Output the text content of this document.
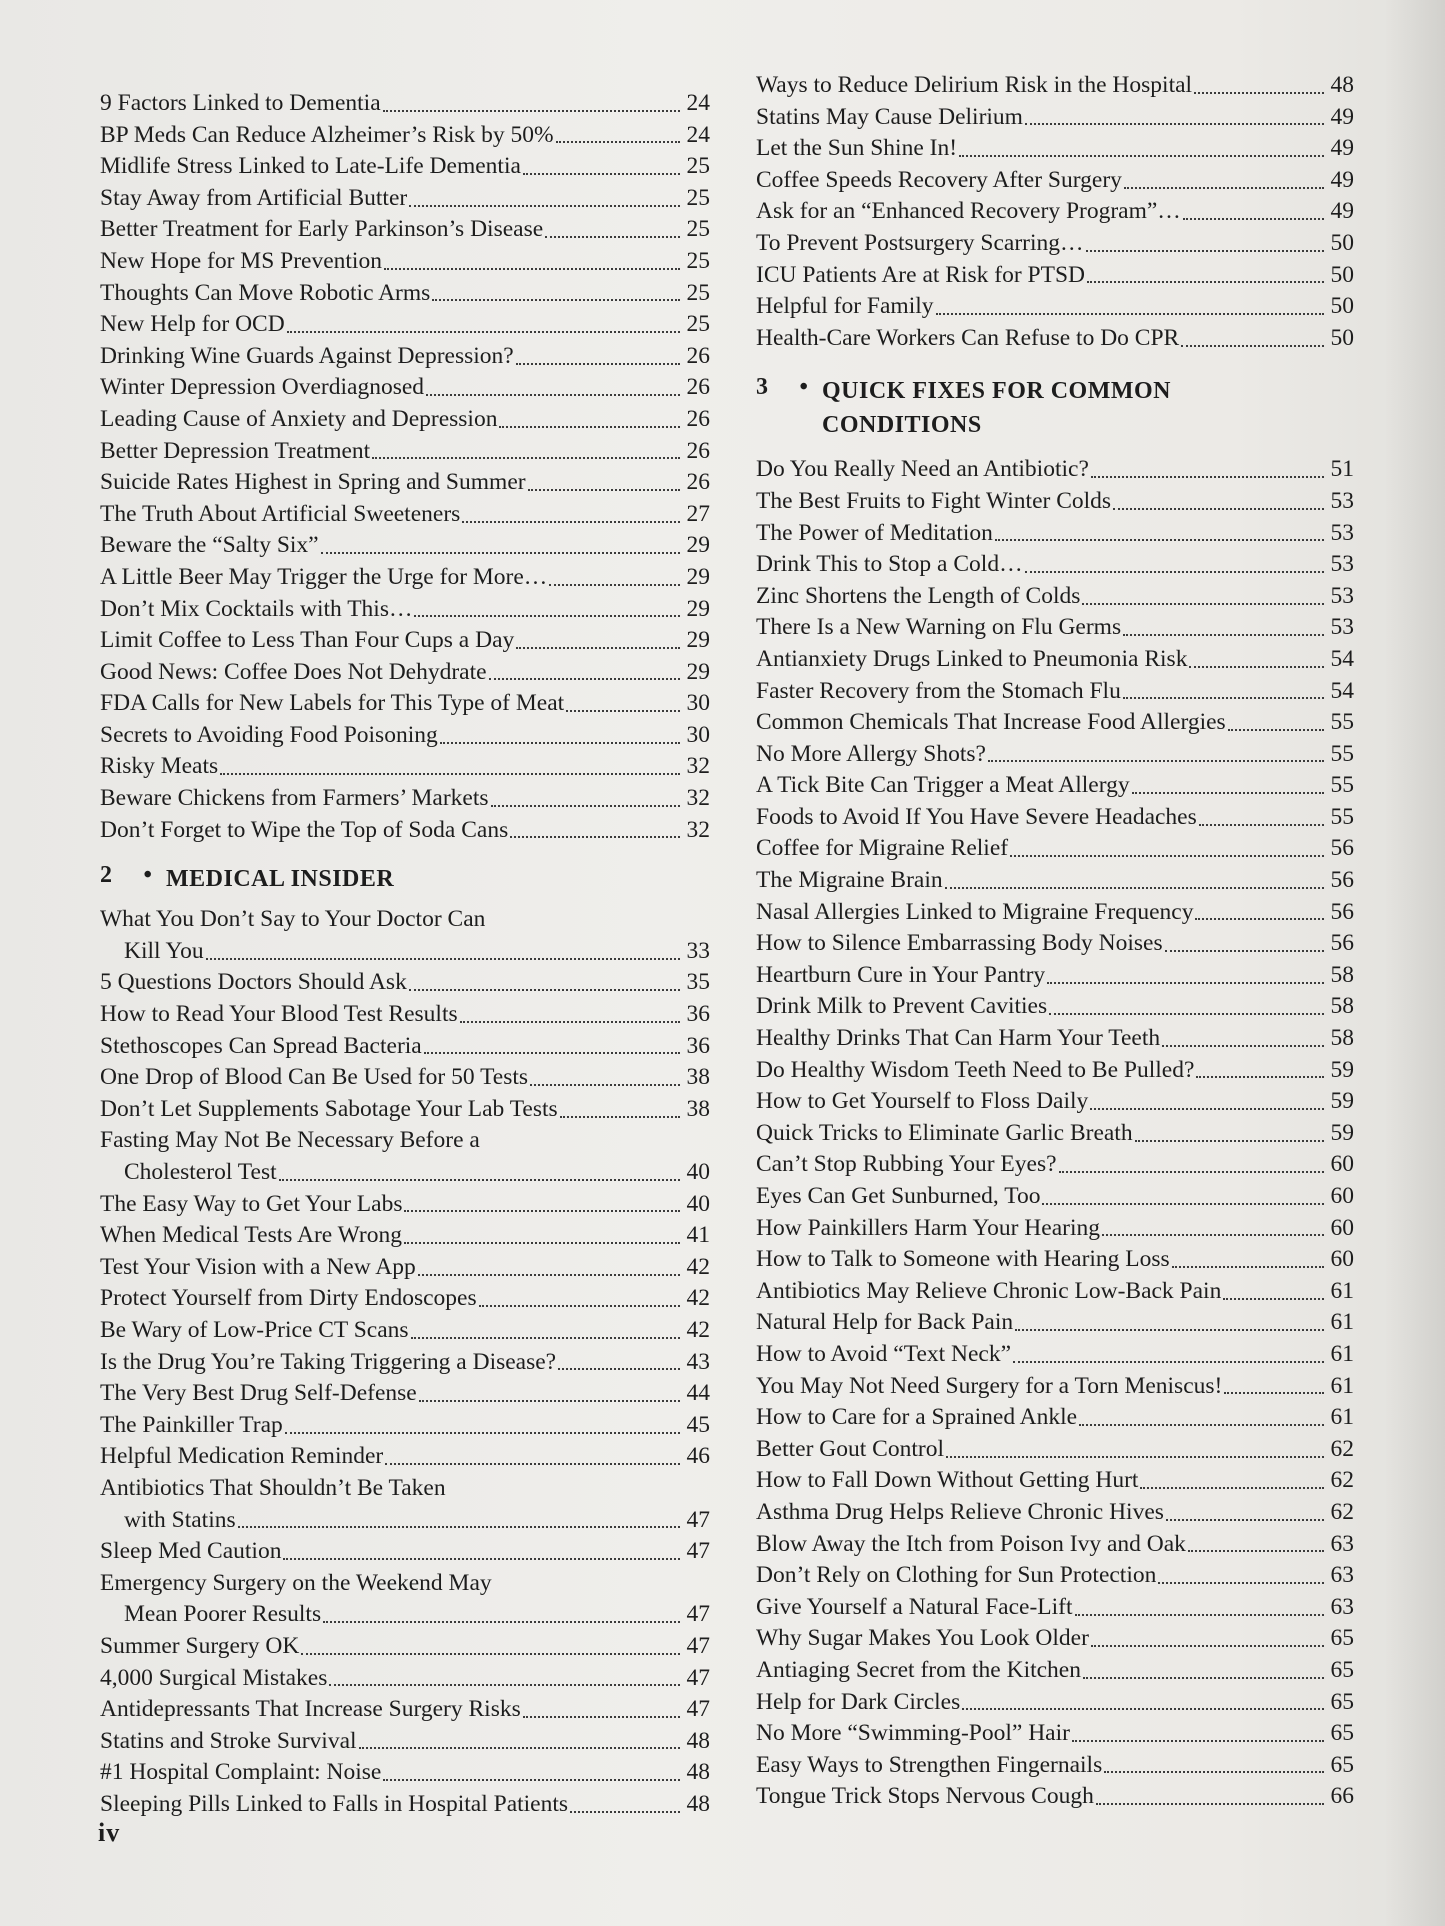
9 Factors Linked to Dementia	24
BP Meds Can Reduce Alzheimer’s Risk by 50%	24
Midlife Stress Linked to Late-Life Dementia	25
Stay Away from Artificial Butter	25
Better Treatment for Early Parkinson’s Disease	25
New Hope for MS Prevention	25
Thoughts Can Move Robotic Arms	25
New Help for OCD	25
Drinking Wine Guards Against Depression?	26
Winter Depression Overdiagnosed	26
Leading Cause of Anxiety and Depression	26
Better Depression Treatment	26
Suicide Rates Highest in Spring and Summer	26
The Truth About Artificial Sweeteners	27
Beware the “Salty Six”	29
A Little Beer May Trigger the Urge for More…	29
Don’t Mix Cocktails with This…	29
Limit Coffee to Less Than Four Cups a Day	29
Good News: Coffee Does Not Dehydrate	29
FDA Calls for New Labels for This Type of Meat	30
Secrets to Avoiding Food Poisoning	30
Risky Meats	32
Beware Chickens from Farmers’ Markets	32
Don’t Forget to Wipe the Top of Soda Cans	32
2	• MEDICAL INSIDER
What You Don’t Say to Your Doctor Can
Kill You	33
5 Questions Doctors Should Ask	35
How to Read Your Blood Test Results	36
Stethoscopes Can Spread Bacteria	36
One Drop of Blood Can Be Used for 50 Tests	38
Don’t Let Supplements Sabotage Your Lab Tests	38
Fasting May Not Be Necessary Before a
Cholesterol Test	40
The Easy Way to Get Your Labs	40
When Medical Tests Are Wrong	41
Test Your Vision with a New App	42
Protect Yourself from Dirty Endoscopes	42
Be Wary of Low-Price CT Scans	42
Is the Drug You’re Taking Triggering a Disease?	43
The Very Best Drug Self-Defense	44
The Painkiller Trap	45
Helpful Medication Reminder	46
Antibiotics That Shouldn’t Be Taken
with Statins	47
Sleep Med Caution	47
Emergency Surgery on the Weekend May
Mean Poorer Results	47
Summer Surgery OK	47
4,000 Surgical Mistakes	47
Antidepressants That Increase Surgery Risks	47
Statins and Stroke Survival	48
#1 Hospital Complaint: Noise	48
Sleeping Pills Linked to Falls in Hospital Patients	48
Ways to Reduce Delirium Risk in the Hospital	48
Statins May Cause Delirium	49
Let the Sun Shine In!	49
Coffee Speeds Recovery After Surgery	49
Ask for an “Enhanced Recovery Program”…	49
To Prevent Postsurgery Scarring…	50
ICU Patients Are at Risk for PTSD	50
Helpful for Family	50
Health-Care Workers Can Refuse to Do CPR	50
3	• QUICK FIXES FOR COMMON
CONDITIONS
Do You Really Need an Antibiotic?	51
The Best Fruits to Fight Winter Colds	53
The Power of Meditation	53
Drink This to Stop a Cold…	53
Zinc Shortens the Length of Colds	53
There Is a New Warning on Flu Germs	53
Antianxiety Drugs Linked to Pneumonia Risk	54
Faster Recovery from the Stomach Flu	54
Common Chemicals That Increase Food Allergies	55
No More Allergy Shots?	55
A Tick Bite Can Trigger a Meat Allergy	55
Foods to Avoid If You Have Severe Headaches	55
Coffee for Migraine Relief	56
The Migraine Brain	56
Nasal Allergies Linked to Migraine Frequency	56
How to Silence Embarrassing Body Noises	56
Heartburn Cure in Your Pantry	58
Drink Milk to Prevent Cavities	58
Healthy Drinks That Can Harm Your Teeth	58
Do Healthy Wisdom Teeth Need to Be Pulled?	59
How to Get Yourself to Floss Daily	59
Quick Tricks to Eliminate Garlic Breath	59
Can’t Stop Rubbing Your Eyes?	60
Eyes Can Get Sunburned, Too	60
How Painkillers Harm Your Hearing	60
How to Talk to Someone with Hearing Loss	60
Antibiotics May Relieve Chronic Low-Back Pain	61
Natural Help for Back Pain	61
How to Avoid “Text Neck”	61
You May Not Need Surgery for a Torn Meniscus!	61
How to Care for a Sprained Ankle	61
Better Gout Control	62
How to Fall Down Without Getting Hurt	62
Asthma Drug Helps Relieve Chronic Hives	62
Blow Away the Itch from Poison Ivy and Oak	63
Don’t Rely on Clothing for Sun Protection	63
Give Yourself a Natural Face-Lift	63
Why Sugar Makes You Look Older	65
Antiaging Secret from the Kitchen	65
Help for Dark Circles	65
No More “Swimming-Pool” Hair	65
Easy Ways to Strengthen Fingernails	65
Tongue Trick Stops Nervous Cough	66
iv
